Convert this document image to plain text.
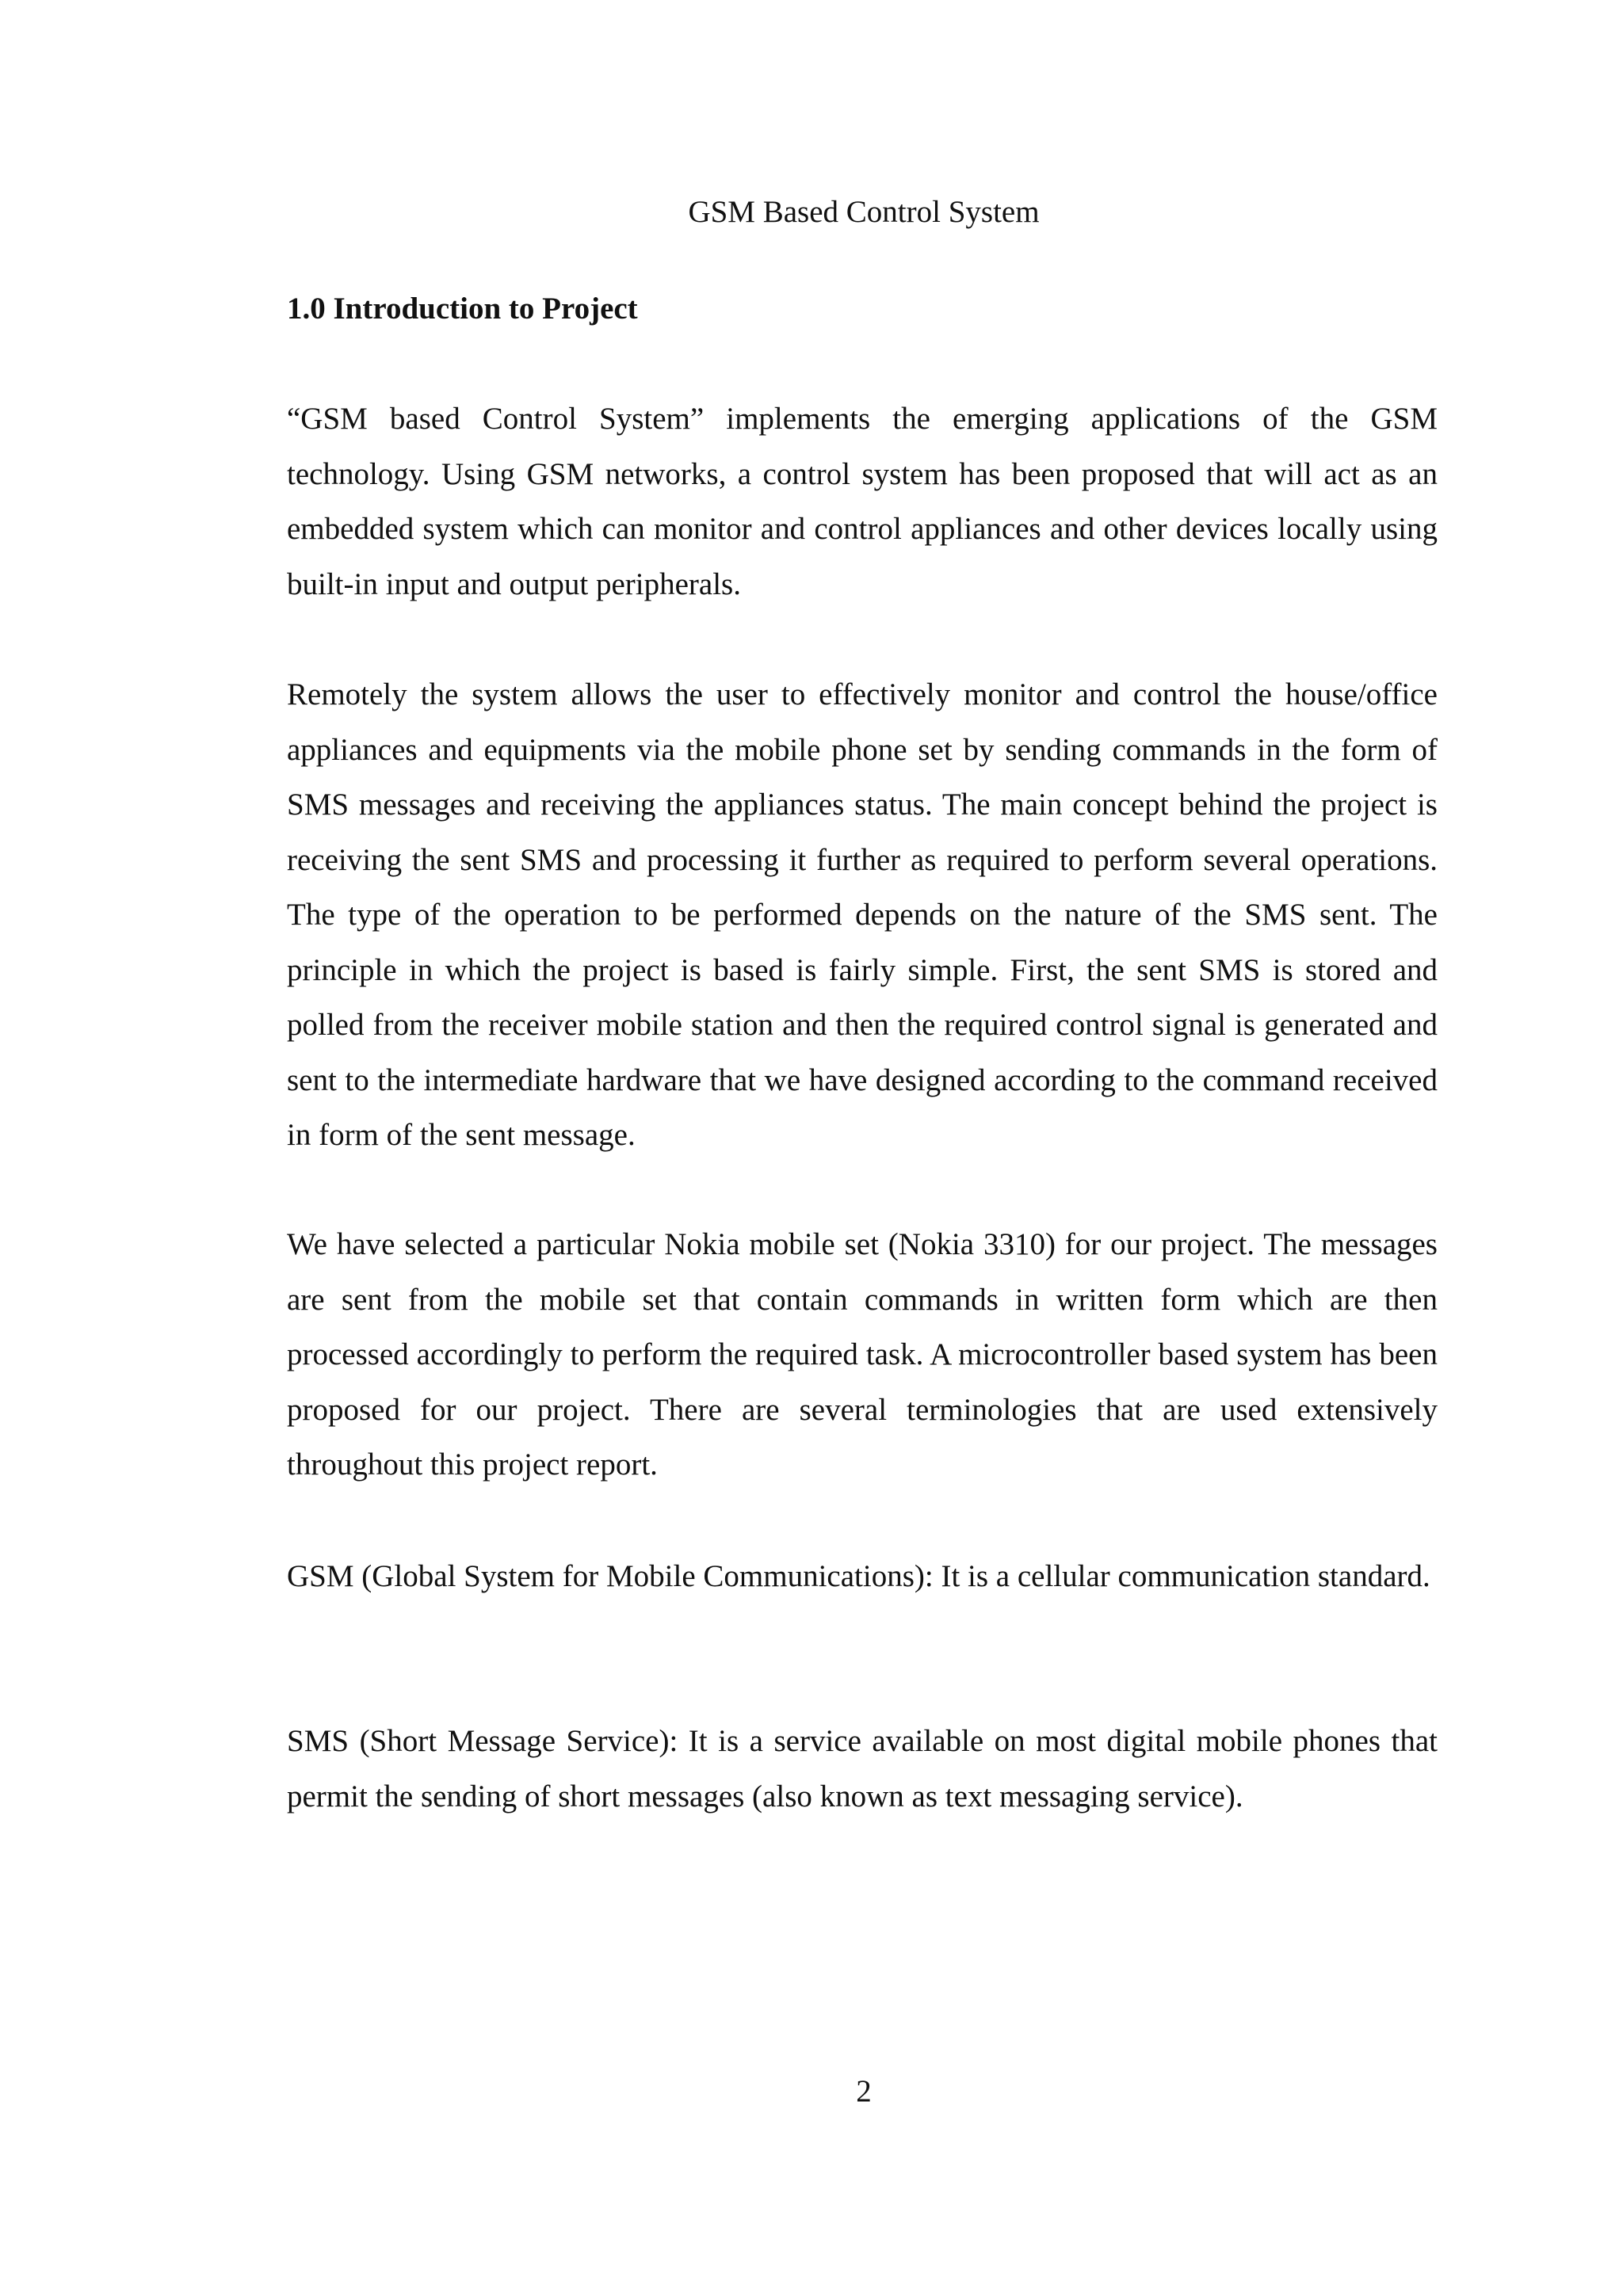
GSM Based Control System

1.0 Introduction to Project

“GSM based Control System” implements the emerging applications of the GSM technology. Using GSM networks, a control system has been proposed that will act as an embedded system which can monitor and control appliances and other devices locally using built-in input and output peripherals.

Remotely the system allows the user to effectively monitor and control the house/office appliances and equipments via the mobile phone set by sending commands in the form of SMS messages and receiving the appliances status. The main concept behind the project is receiving the sent SMS and processing it further as required to perform several operations. The type of the operation to be performed depends on the nature of the SMS sent. The principle in which the project is based is fairly simple. First, the sent SMS is stored and polled from the receiver mobile station and then the required control signal is generated and sent to the intermediate hardware that we have designed according to the command received in form of the sent message.

We have selected a particular Nokia mobile set (Nokia 3310) for our project. The messages are sent from the mobile set that contain commands in written form which are then processed accordingly to perform the required task. A microcontroller based system has been proposed for our project. There are several terminologies that are used extensively throughout this project report.

GSM (Global System for Mobile Communications): It is a cellular communication standard.

SMS (Short Message Service): It is a service available on most digital mobile phones that permit the sending of short messages (also known as text messaging service).

2
